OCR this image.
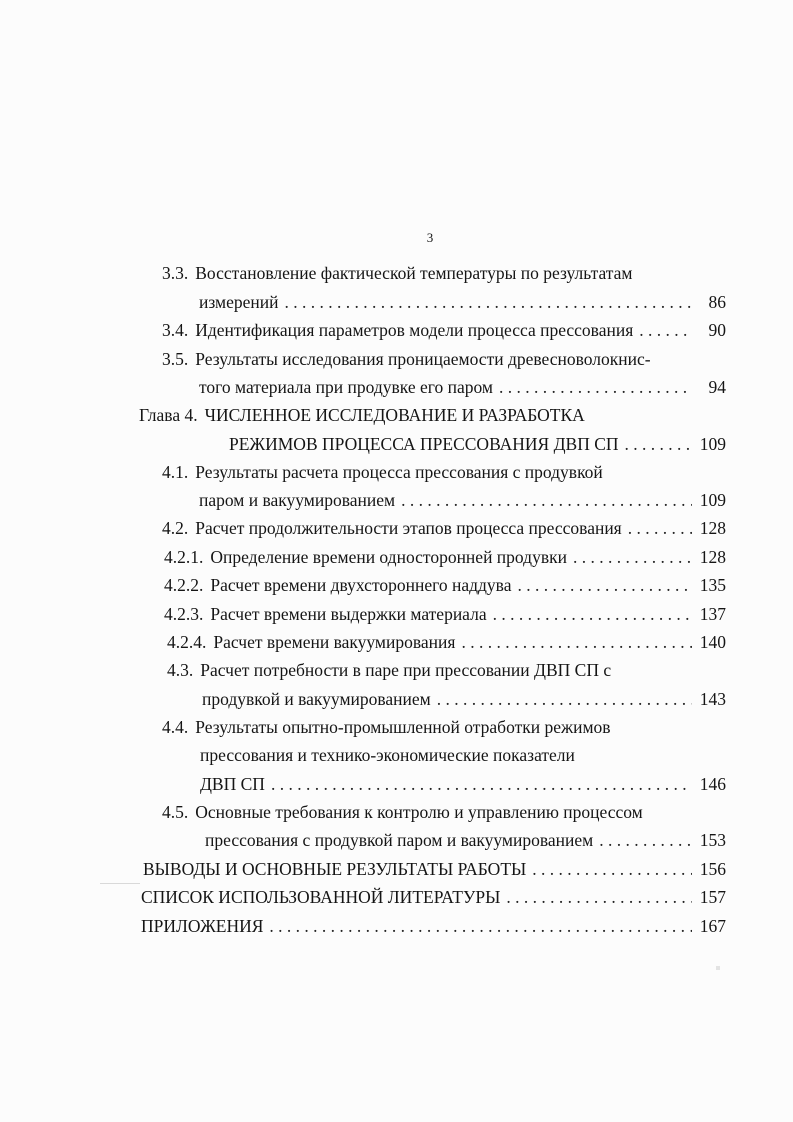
3
3.3. Восстановление фактической температуры по результатам
измерений . . .	86
3.4. Идентификация параметров модели процесса прессования . . .	90
3.5. Результаты исследования проницаемости древесноволокнис-
того материала при продувке его паром . . .	94
Глава 4. ЧИСЛЕННОЕ ИССЛЕДОВАНИЕ И РАЗРАБОТКА
РЕЖИМОВ ПРОЦЕССА ПРЕССОВАНИЯ ДВП СП . . .	109
4.1. Результаты расчета процесса прессования с продувкой
паром и вакуумированием . . .	109
4.2. Расчет продолжительности этапов процесса прессования . . .	128
4.2.1. Определение времени односторонней продувки . . .	128
4.2.2. Расчет времени двухстороннего наддува . . .	135
4.2.3. Расчет времени выдержки материала . . .	137
4.2.4. Расчет времени вакуумирования . . .	140
4.3. Расчет потребности в паре при прессовании ДВП СП с
продувкой и вакуумированием . . .	143
4.4. Результаты опытно-промышленной отработки режимов
прессования и технико-экономические показатели
ДВП СП . . .	146
4.5. Основные требования к контролю и управлению процессом
прессования с продувкой паром и вакуумированием . . .	153
ВЫВОДЫ И ОСНОВНЫЕ РЕЗУЛЬТАТЫ РАБОТЫ . . .	156
СПИСОК ИСПОЛЬЗОВАННОЙ ЛИТЕРАТУРЫ . . .	157
ПРИЛОЖЕНИЯ . . .	167
